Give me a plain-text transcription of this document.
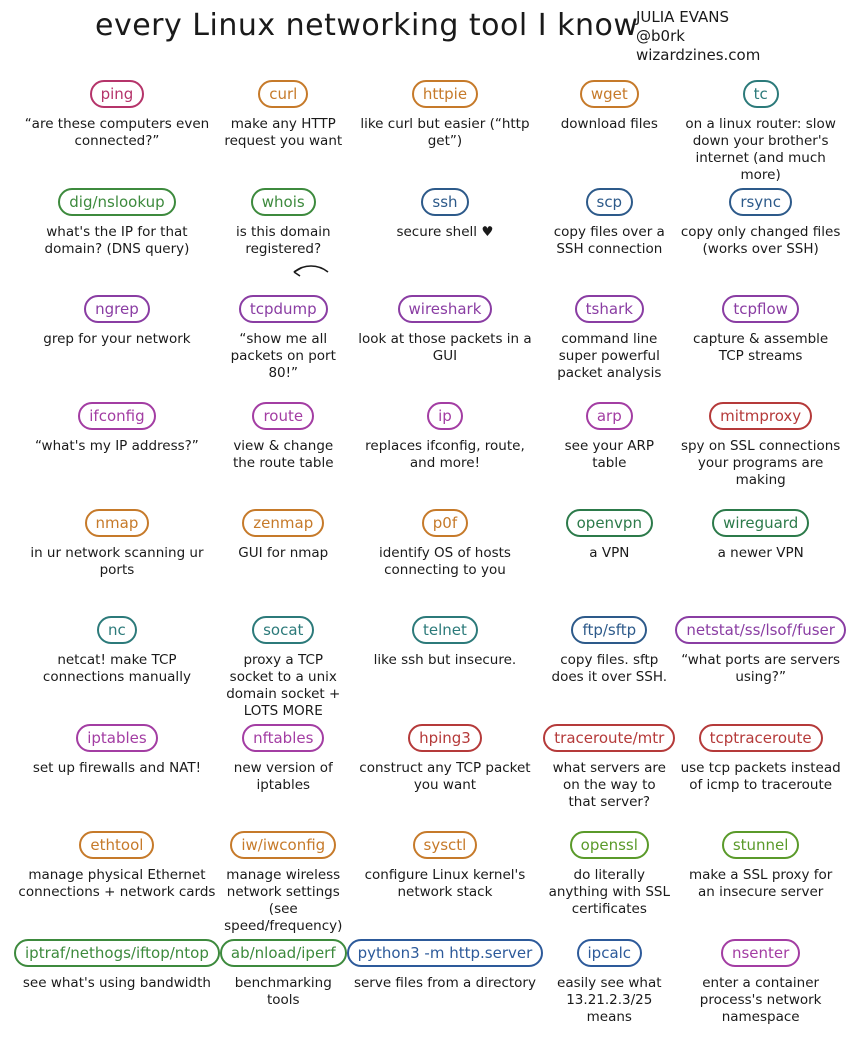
every Linux networking tool I know
JULIA EVANS
@b0rk
wizardzines.com
ping
“are these computers even connected?”
curl
make any HTTP request you want
httpie
like curl but easier (“http get”)
wget
download files
tc
on a linux router: slow down your brother's internet (and much more)
dig/nslookup
what's the IP for that domain? (DNS query)
whois
is this domain registered?
ssh
secure shell ♥
scp
copy files over a SSH connection
rsync
copy only changed files (works over SSH)
ngrep
grep for your network
tcpdump
“show me all packets on port 80!”
wireshark
look at those packets in a GUI
tshark
command line super powerful packet analysis
tcpflow
capture & assemble TCP streams
ifconfig
“what's my IP address?”
route
view & change the route table
ip
replaces ifconfig, route, and more!
arp
see your ARP table
mitmproxy
spy on SSL connections your programs are making
nmap
in ur network scanning ur ports
zenmap
GUI for nmap
p0f
identify OS of hosts connecting to you
openvpn
a VPN
wireguard
a newer VPN
nc
netcat! make TCP connections manually
socat
proxy a TCP socket to a unix domain socket + LOTS MORE
telnet
like ssh but insecure.
ftp/sftp
copy files. sftp does it over SSH.
netstat/ss/lsof/fuser
“what ports are servers using?”
iptables
set up firewalls and NAT!
nftables
new version of iptables
hping3
construct any TCP packet you want
traceroute/mtr
what servers are on the way to that server?
tcptraceroute
use tcp packets instead of icmp to traceroute
ethtool
manage physical Ethernet connections + network cards
iw/iwconfig
manage wireless network settings (see speed/frequency)
sysctl
configure Linux kernel's network stack
openssl
do literally anything with SSL certificates
stunnel
make a SSL proxy for an insecure server
iptraf/nethogs/iftop/ntop
see what's using bandwidth
ab/nload/iperf
benchmarking tools
python3 -m http.server
serve files from a directory
ipcalc
easily see what 13.21.2.3/25 means
nsenter
enter a container process's network namespace
